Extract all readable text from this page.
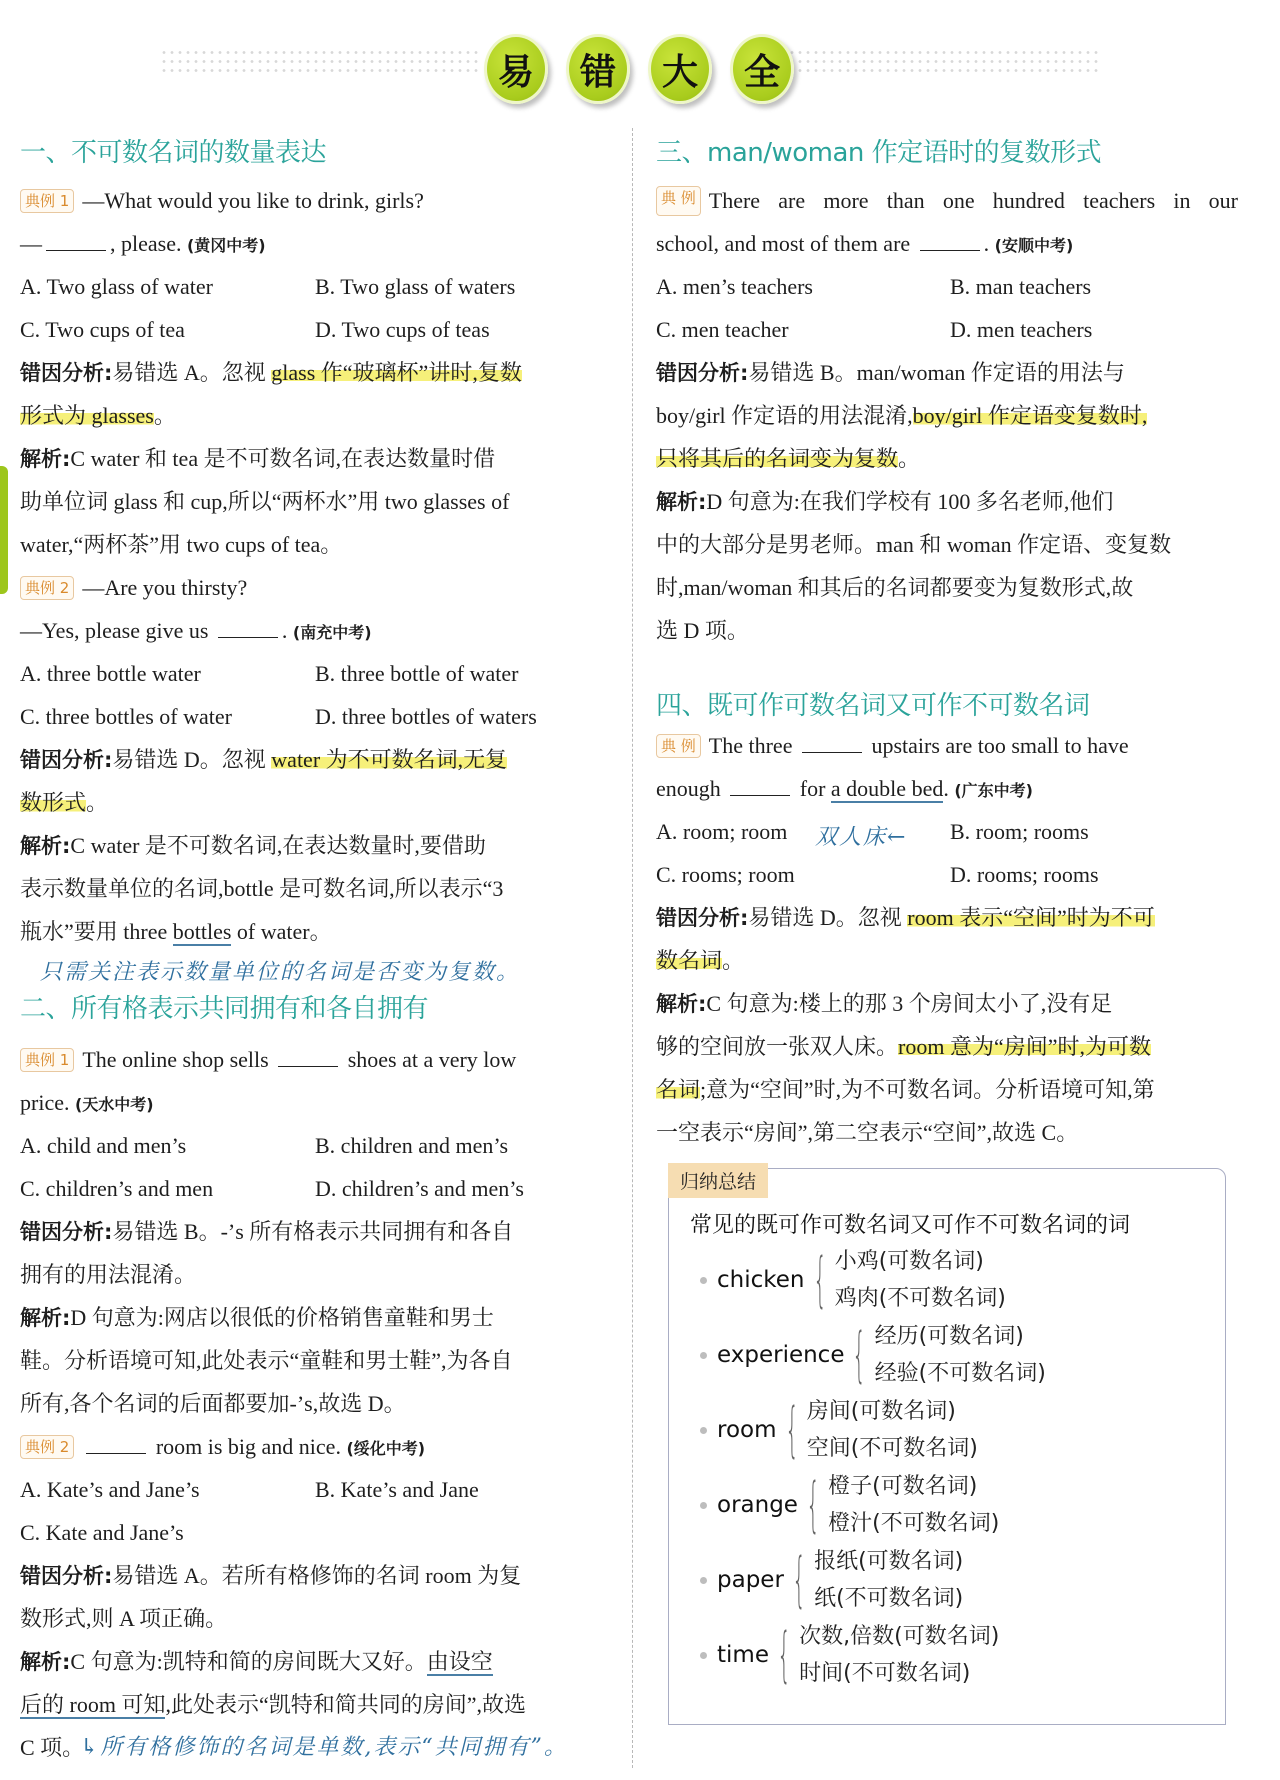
易	错	大	全
一、不可数名词的数量表达
典例 1 —What would you like to drink, girls?
—	, please. (黄冈中考)
A. Two glass of water	B. Two glass of waters
C. Two cups of tea	D. Two cups of teas
错因分析:易错选 A。忽视 glass 作“玻璃杯”讲时,复数
形式为 glasses。
解析:C water 和 tea 是不可数名词,在表达数量时借
助单位词 glass 和 cup,所以“两杯水”用 two glasses of
water,“两杯茶”用 two cups of tea。
典例 2 —Are you thirsty?
—Yes, please give us	. (南充中考)
A. three bottle water	B. three bottle of water
C. three bottles of water	D. three bottles of waters
错因分析:易错选 D。忽视 water 为不可数名词,无复
数形式。
解析:C water 是不可数名词,在表达数量时,要借助
表示数量单位的名词,bottle 是可数名词,所以表示“3
瓶水”要用 three bottles of water。
只需关注表示数量单位的名词是否变为复数。
二、所有格表示共同拥有和各自拥有
典例 1 The online shop sells	shoes at a very low
price. (天水中考)
A. child and men’s	B. children and men’s
C. children’s and men	D. children’s and men’s
错因分析:易错选 B。-’s 所有格表示共同拥有和各自
拥有的用法混淆。
解析:D 句意为:网店以很低的价格销售童鞋和男士
鞋。分析语境可知,此处表示“童鞋和男士鞋”,为各自
所有,各个名词的后面都要加-’s,故选 D。
典例 2	room is big and nice. (绥化中考)
A. Kate’s and Jane’s	B. Kate’s and Jane
C. Kate and Jane’s
错因分析:易错选 A。若所有格修饰的名词 room 为复
数形式,则 A 项正确。
解析:C 句意为:凯特和简的房间既大又好。由设空
后的 room 可知,此处表示“凯特和简共同的房间”,故选
C 项。
↳所有格修饰的名词是单数,表示“共同拥有”。
三、man/woman 作定语时的复数形式
典 例 There are more than one hundred teachers in our
school, and most of them are	. (安顺中考)
A. men’s teachers	B. man teachers
C. men teacher	D. men teachers
错因分析:易错选 B。man/woman 作定语的用法与
boy/girl 作定语的用法混淆,boy/girl 作定语变复数时,
只将其后的名词变为复数。
解析:D 句意为:在我们学校有 100 多名老师,他们
中的大部分是男老师。man 和 woman 作定语、变复数
时,man/woman 和其后的名词都要变为复数形式,故
选 D 项。
四、既可作可数名词又可作不可数名词
典 例 The three	upstairs are too small to have
enough	for a double bed. (广东中考)
A. room; room 双人床← B. room; rooms
C. rooms; room	D. rooms; rooms
错因分析:易错选 D。忽视 room 表示“空间”时为不可
数名词。
解析:C 句意为:楼上的那 3 个房间太小了,没有足
够的空间放一张双人床。room 意为“房间”时,为可数
名词;意为“空间”时,为不可数名词。分析语境可知,第
一空表示“房间”,第二空表示“空间”,故选 C。
归纳总结
常见的既可作可数名词又可作不可数名词的词
chicken { 小鸡(可数名词)
鸡肉(不可数名词)
experience { 经历(可数名词)
经验(不可数名词)
room { 房间(可数名词)
空间(不可数名词)
orange { 橙子(可数名词)
橙汁(不可数名词)
paper { 报纸(可数名词)
纸(不可数名词)
time { 次数,倍数(可数名词)
时间(不可数名词)
